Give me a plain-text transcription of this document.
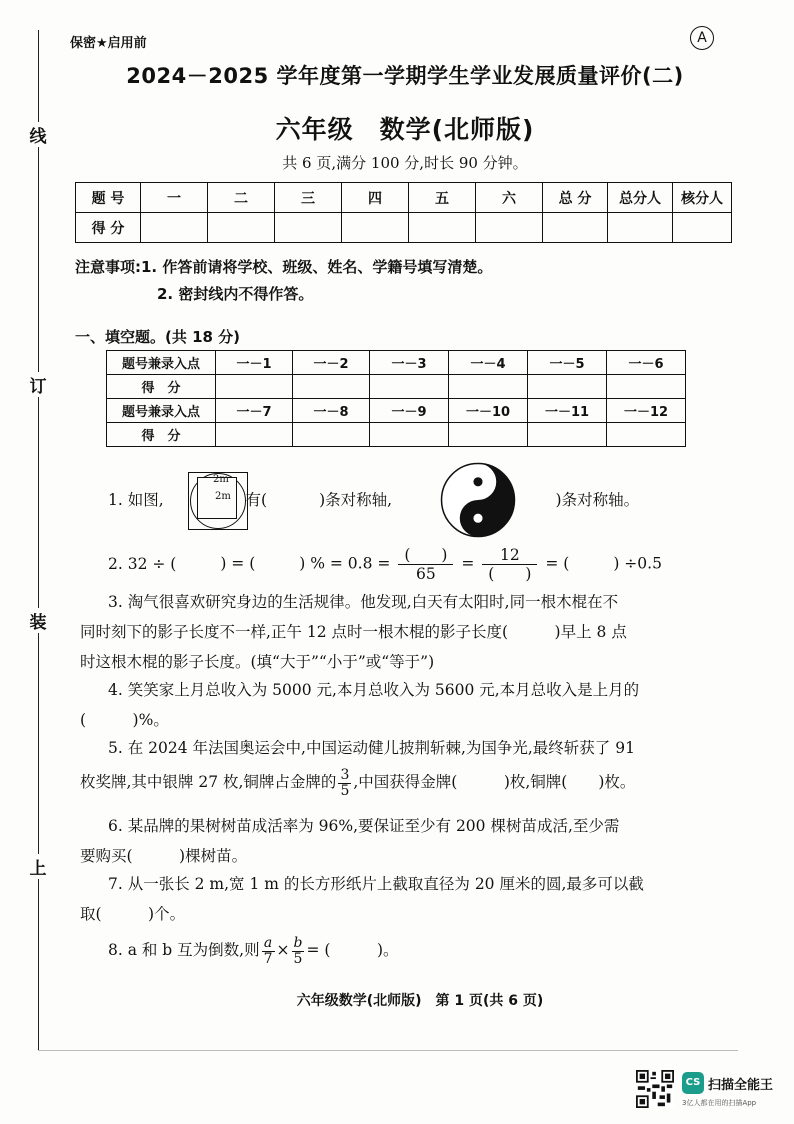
线
订
装
上
保密★启用前	A
2024－2025 学年度第一学期学生学业发展质量评价(二)
六年级　数学(北师版)
共 6 页,满分 100 分,时长 90 分钟。
题 号	一	二	三	四	五	六	总 分	总分人	核分人
得 分									
注意事项:1. 作答前请将学校、班级、姓名、学籍号填写清楚。
2. 密封线内不得作答。
一、填空题。(共 18 分)
题号兼录入点	一－1	一－2	一－3	一－4	一－5	一－6
得　分						
题号兼录入点	一－7	一－8	一－9	一－10	一－11	一－12
得　分						
1. 如图,	有(	)条对称轴,	)条对称轴。
2m
2m
2. 32 ÷ (	) = (	) % = $0.8 = \frac{( )}{65} = \frac{12}{( )}$ = (	) ÷0.5
3. 淘气很喜欢研究身边的生活规律。他发现,白天有太阳时,同一根木棍在不
同时刻下的影子长度不一样,正午 12 点时一根木棍的影子长度(　　　)早上 8 点
时这根木棍的影子长度。(填“大于”“小于”或“等于”)
4. 笑笑家上月总收入为 5000 元,本月总收入为 5600 元,本月总收入是上月的
(　　　)%。
5. 在 2024 年法国奥运会中,中国运动健儿披荆斩棘,为国争光,最终斩获了 91
枚奖牌,其中银牌 27 枚,铜牌占金牌的 $\frac{3}{5}$ ,中国获得金牌(　　　)枚,铜牌(　　)枚。
6. 某品牌的果树树苗成活率为 96%,要保证至少有 200 棵树苗成活,至少需
要购买(　　　)棵树苗。
7. 从一张长 2 m,宽 1 m 的长方形纸片上截取直径为 20 厘米的圆,最多可以截
取(　　　)个。
8. a 和 b 互为倒数,则 $\frac{a}{7} \times \frac{b}{5}$ = (　　　)。
六年级数学(北师版)　第 1 页(共 6 页)
CS 扫描全能王
3亿人都在用的扫描App
